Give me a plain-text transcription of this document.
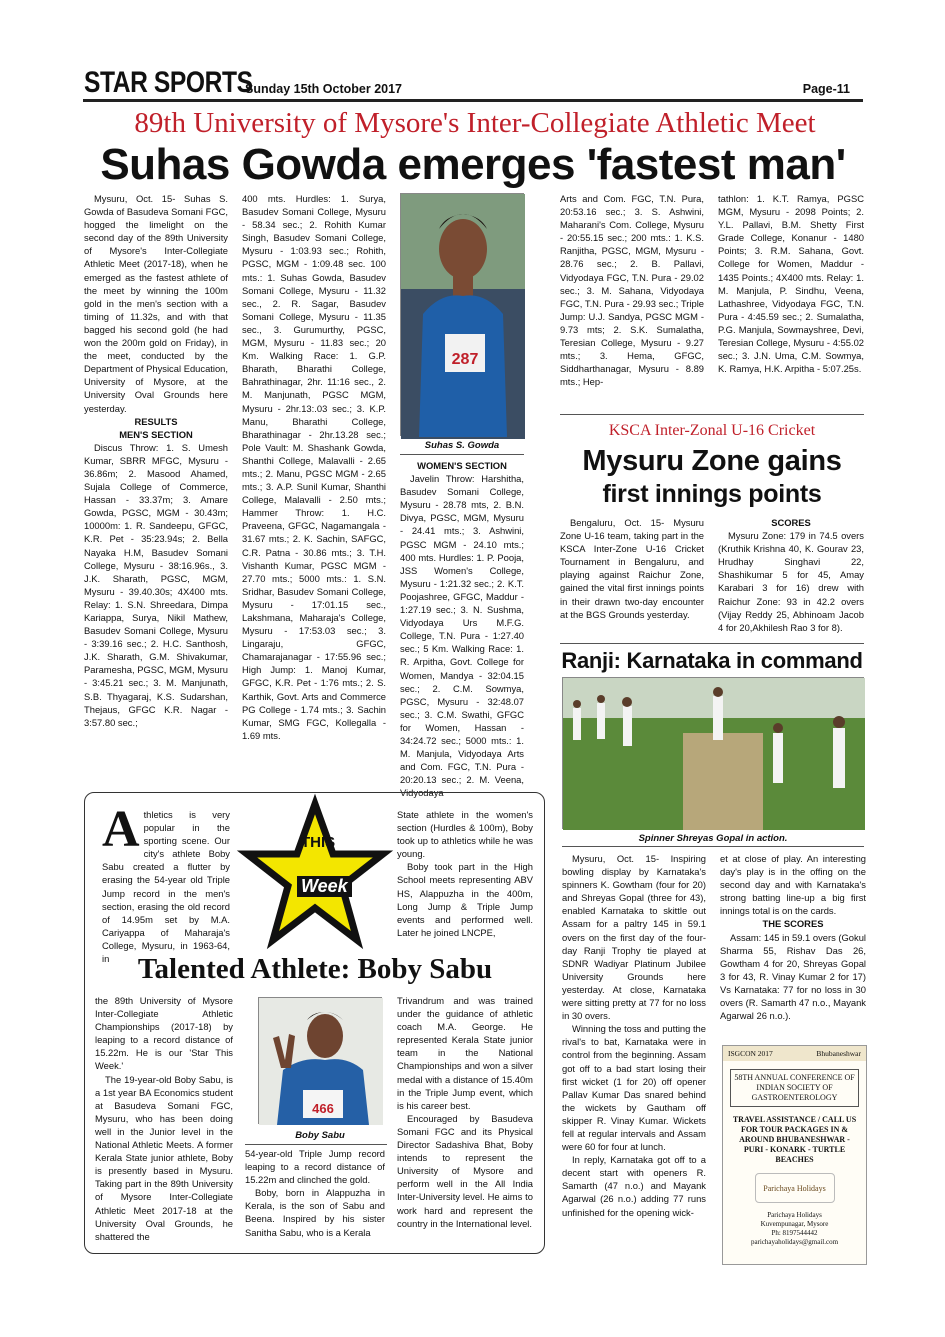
STAR SPORTS
Sunday 15th October 2017	Page-11
89th University of Mysore's Inter-Collegiate Athletic Meet
Suhas Gowda emerges 'fastest man'

Mysuru, Oct. 15- Suhas S. Gowda of Basudeva Somani FGC, hogged the limelight on the second day of the 89th University of Mysore's Inter-Collegiate Athletic Meet (2017-18), when he emerged as the fastest athlete of the meet by winning the 100m gold in the men's section with a timing of 11.32s, and with that bagged his second gold (he had won the 200m gold on Friday), in the meet, conducted by the Department of Physical Education, University of Mysore, at the University Oval Grounds here yesterday.

RESULTS

MEN'S SECTION

Discus Throw: 1. S. Umesh Kumar, SBRR MFGC, Mysuru - 36.86m; 2. Masood Ahamed, Sujala College of Commerce, Hassan - 33.37m; 3. Amare Gowda, PGSC, MGM - 30.43m; 10000m: 1. R. Sandeepu, GFGC, K.R. Pet - 35:23.94s; 2. Bella Nayaka H.M, Basudev Somani College, Mysuru - 38:16.96s., 3. J.K. Sharath, PGSC, MGM, Mysuru - 39.40.30s; 4X400 mts. Relay: 1. S.N. Shreedara, Dimpa Kariappa, Surya, Nikil Mathew, Basudev Somani College, Mysuru - 3:39.16 sec.; 2. H.C. Santhosh, J.K. Sharath, G.M. Shivakumar, Paramesha, PGSC, MGM, Mysuru - 3:45.21 sec.; 3. M. Manjunath, S.B. Thyagaraj, K.S. Sudarshan, Thejaus, GFGC K.R. Nagar - 3:57.80 sec.;

400 mts. Hurdles: 1. Surya, Basudev Somani College, Mysuru - 58.34 sec.; 2. Rohith Kumar Singh, Basudev Somani College, Mysuru - 1:03.93 sec.; Rohith, PGSC, MGM - 1:09.48 sec. 100 mts.: 1. Suhas Gowda, Basudev Somani College, Mysuru - 11.32 sec., 2. R. Sagar, Basudev Somani College, Mysuru - 11.35 sec., 3. Gurumurthy, PGSC, MGM, Mysuru - 11.83 sec.; 20 Km. Walking Race: 1. G.P. Bharath, Bharathi College, Bahrathinagar, 2hr. 11:16 sec., 2. M. Manjunath, PGSC MGM, Mysuru - 2hr.13:.03 sec.; 3. K.P. Manu, Bharathi College, Bharathinagar - 2hr.13.28 sec.; Pole Vault: M. Shashank Gowda, Shanthi College, Malavalli - 2.65 mts.; 2. Manu, PGSC MGM - 2.65 mts.; 3. A.P. Sunil Kumar, Shanthi College, Malavalli - 2.50 mts.; Hammer Throw: 1. H.C. Praveena, GFGC, Nagamangala - 31.67 mts.; 2. K. Sachin, SAFGC, C.R. Patna - 30.86 mts.; 3. T.H. Vishanth Kumar, PGSC MGM - 27.70 mts.; 5000 mts.: 1. S.N. Sridhar, Basudev Somani College, Mysuru - 17:01.15 sec., Lakshmana, Maharaja's College, Mysuru - 17:53.03 sec.; 3. Lingaraju, GFGC, Chamarajanagar - 17:55.96 sec.; High Jump: 1. Manoj Kumar, GFGC, K.R. Pet - 1:76 mts.; 2. S. Karthik, Govt. Arts and Commerce PG College - 1.74 mts.; 3. Sachin Kumar, SMG FGC, Kollegalla - 1.69 mts.

287
Suhas S. Gowda

WOMEN'S SECTION

Javelin Throw: Harshitha, Basudev Somani College, Mysuru - 28.78 mts, 2. B.N. Divya, PGSC, MGM, Mysuru - 24.41 mts.; 3. Ashwini, PGSC MGM - 24.10 mts.; 400 mts. Hurdles: 1. P. Pooja, JSS Women's College, Mysuru - 1:21.32 sec.; 2. K.T. Poojashree, GFGC, Maddur - 1:27.19 sec.; 3. N. Sushma, Vidyodaya Urs M.F.G. College, T.N. Pura - 1:27.40 sec.; 5 Km. Walking Race: 1. R. Arpitha, Govt. College for Women, Mandya - 32:04.15 sec.; 2. C.M. Sowmya, PGSC, Mysuru - 32:48.07 sec.; 3. C.M. Swathi, GFGC for Women, Hassan - 34:24.72 sec.; 5000 mts.: 1. M. Manjula, Vidyodaya Arts and Com. FGC, T.N. Pura - 20:20.13 sec.; 2. M. Veena, Vidyodaya

Arts and Com. FGC, T.N. Pura, 20:53.16 sec.; 3. S. Ashwini, Maharani's Com. College, Mysuru - 20:55.15 sec.; 200 mts.: 1. K.S. Ranjitha, PGSC, MGM, Mysuru - 28.76 sec.; 2. B. Pallavi, Vidyodaya FGC, T.N. Pura - 29.02 sec.; 3. M. Sahana, Vidyodaya FGC, T.N. Pura - 29.93 sec.; Triple Jump: U.J. Sandya, PGSC MGM - 9.73 mts; 2. S.K. Sumalatha, Teresian College, Mysuru - 9.27 mts.; 3. Hema, GFGC, Siddharthanagar, Mysuru - 8.89 mts.; Hep-

tathlon: 1. K.T. Ramya, PGSC MGM, Mysuru - 2098 Points; 2. Y.L. Pallavi, B.M. Shetty First Grade College, Konanur - 1480 Points; 3. R.M. Sahana, Govt. College for Women, Maddur - 1435 Points.; 4X400 mts. Relay: 1. M. Manjula, P. Sindhu, Veena, Lathashree, Vidyodaya FGC, T.N. Pura - 4:45.59 sec.; 2. Sumalatha, P.G. Manjula, Sowmayshree, Devi, Teresian College, Mysuru - 4:55.02 sec.; 3. J.N. Uma, C.M. Sowmya, K. Ramya, H.K. Arpitha - 5:07.25s.

KSCA Inter-Zonal U-16 Cricket
Mysuru Zone gains
first innings points

Bengaluru, Oct. 15- Mysuru Zone U-16 team, taking part in the KSCA Inter-Zone U-16 Cricket Tournament in Bengaluru, and playing against Raichur Zone, gained the vital first innings points in their drawn two-day encounter at the BGS Grounds yesterday.

SCORES

Mysuru Zone: 179 in 74.5 overs (Kruthik Krishna 40, K. Gourav 23, Hrudhay Singhavi 22, Shashikumar 5 for 45, Amay Karabari 3 for 16) drew with Raichur Zone: 93 in 42.2 overs (Vijay Reddy 25, Abhinoam Jacob 4 for 20,Akhilesh Rao 3 for 8).

Ranji: Karnataka in command
Spinner Shreyas Gopal in action.

Mysuru, Oct. 15- Inspiring bowling display by Karnataka's spinners K. Gowtham (four for 20) and Shreyas Gopal (three for 43), enabled Karnataka to skittle out Assam for a paltry 145 in 59.1 overs on the first day of the four-day Ranji Trophy tie played at SDNR Wadiyar Platinum Jubilee University Grounds here yesterday. At close, Karnataka were sitting pretty at 77 for no loss in 30 overs.

Winning the toss and putting the rival's to bat, Karnataka were in control from the beginning. Assam got off to a bad start losing their first wicket (1 for 20) off opener Pallav Kumar Das snared behind the wickets by Gautham off skipper R. Vinay Kumar. Wickets fell at regular intervals and Assam were 60 for four at lunch.

In reply, Karnataka got off to a decent start with openers R. Samarth (47 n.o.) and Mayank Agarwal (26 n.o.) adding 77 runs unfinished for the opening wick-

et at close of play. An interesting day's play is in the offing on the second day and with Karnataka's strong batting line-up a big first innings total is on the cards.

THE SCORES

Assam: 145 in 59.1 overs (Gokul Sharma 55, Rishav Das 26, Gowtham 4 for 20, Shreyas Gopal 3 for 43, R. Vinay Kumar 2 for 17) Vs Karnataka: 77 for no loss in 30 overs (R. Samarth 47 n.o., Mayank Agarwal 26 n.o.).

ISGCON 2017	Bhubaneshwar
58TH ANNUAL CONFERENCE OF INDIAN SOCIETY OF GASTROENTEROLOGY
TRAVEL ASSISTANCE / CALL US FOR TOUR PACKAGES IN & AROUND BHUBANESHWAR - PURI - KONARK - TURTLE BEACHES
Parichaya Holidays
Parichaya Holidays
Kuvempunagar, Mysore
Ph: 8197544442
parichayaholidays@gmail.com
Athletics is very popular in the sporting scene. Our city's athlete Boby Sabu created a flutter by erasing the 54-year old Triple Jump record in the men's section, erasing the old record of 14.95m set by M.A. Cariyappa of Maharaja's College, Mysuru, in 1963-64, in
THIS
Week

State athlete in the women's section (Hurdles & 100m), Boby took up to athletics while he was young.

Boby took part in the High School meets representing ABV HS, Alappuzha in the 400m, Long Jump & Triple Jump events and performed well. Later he joined LNCPE,

Talented Athlete: Boby Sabu

the 89th University of Mysore Inter-Collegiate Athletic Championships (2017-18) by leaping to a record distance of 15.22m. He is our 'Star This Week.'

The 19-year-old Boby Sabu, is a 1st year BA Economics student at Basudeva Somani FGC, Mysuru, who has been doing well in the Junior level in the National Athletic Meets. A former Kerala State junior athlete, Boby is presently based in Mysuru. Taking part in the 89th University of Mysore Inter-Collegiate Athletic Meet 2017-18 at the University Oval Grounds, he shattered the

466
Boby Sabu

54-year-old Triple Jump record leaping to a record distance of 15.22m and clinched the gold.

Boby, born in Alappuzha in Kerala, is the son of Sabu and Beena. Inspired by his sister Sanitha Sabu, who is a Kerala

Trivandrum and was trained under the guidance of athletic coach M.A. George. He represented Kerala State junior team in the National Championships and won a silver medal with a distance of 15.40m in the Triple Jump event, which is his career best.

Encouraged by Basudeva Somani FGC and its Physical Director Sadashiva Bhat, Boby intends to represent the University of Mysore and perform well in the All India Inter-University level. He aims to work hard and represent the country in the International level.
